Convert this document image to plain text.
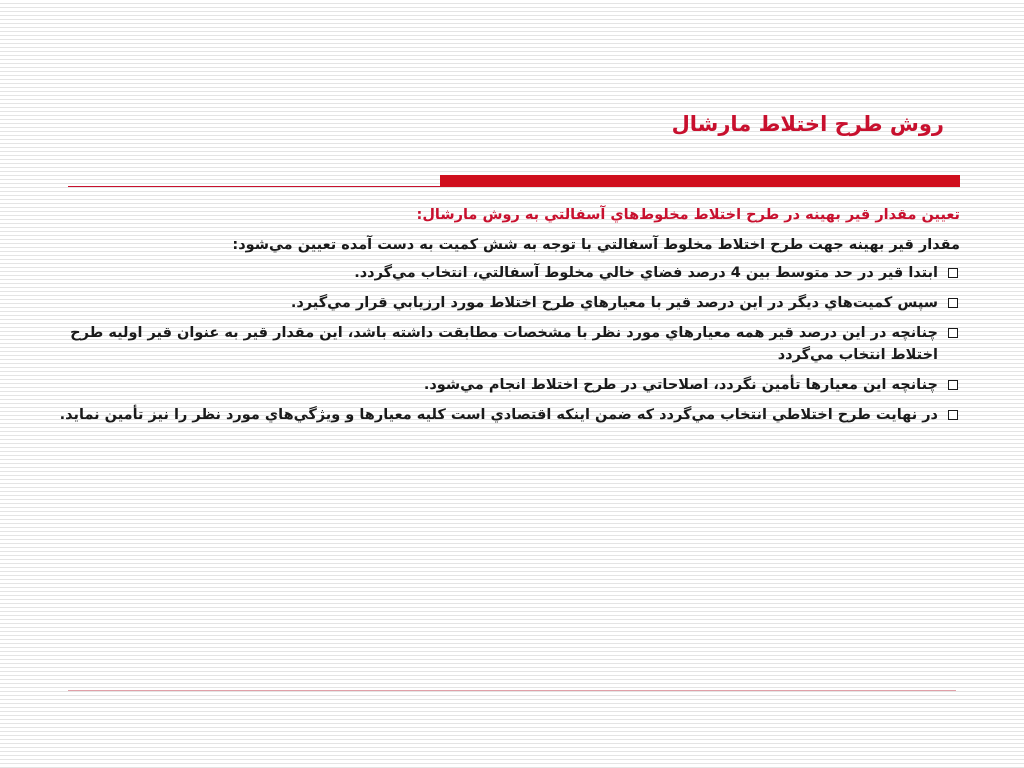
روش طرح اختلاط مارشال

تعيين مقدار قير بهينه در طرح اختلاط مخلوط‌هاي آسفالتي به روش مارشال:

مقدار قير بهينه جهت طرح اختلاط مخلوط آسفالتي با توجه به شش كميت به دست آمده تعيين مي‌شود:

ابتدا قير در حد متوسط بين 4 درصد فضاي خالي مخلوط آسفالتي، انتخاب مي‌گردد.
سپس كميت‌هاي ديگر در اين درصد قير با معيارهاي طرح اختلاط مورد ارزيابي قرار مي‌گيرد.
چنانچه در اين درصد قير همه معيارهاي مورد نظر با مشخصات مطابقت داشته باشد، اين مقدار قير به عنوان قير اوليه طرح اختلاط انتخاب مي‌گردد
چنانچه اين معيارها تأمين نگردد، اصلاحاتي در طرح اختلاط انجام مي‌شود.
در نهايت طرح اختلاطي انتخاب مي‌گردد كه ضمن اينكه اقتصادي است كليه معيارها و ويژگي‌هاي مورد نظر را نيز تأمين نمايد.
